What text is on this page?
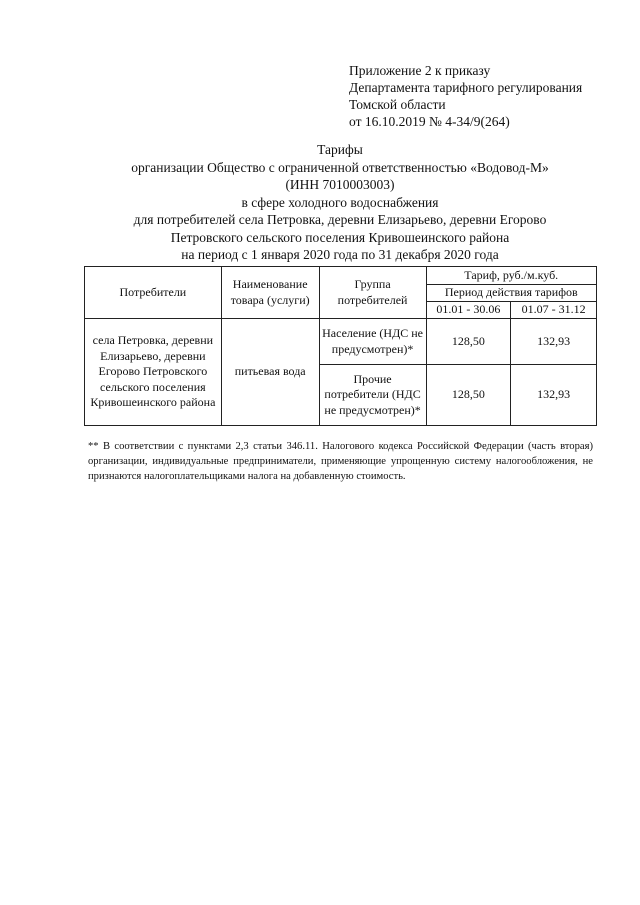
Приложение 2 к приказу
Департамента тарифного регулирования
Томской области
от 16.10.2019 № 4-34/9(264)
Тарифы
организации Общество с ограниченной ответственностью «Водовод-М»
(ИНН 7010003003)
в сфере холодного водоснабжения
для потребителей села Петровка, деревни Елизарьево, деревни Егорово
Петровского сельского поселения Кривошеинского района
на период с 1 января 2020 года по 31 декабря 2020 года
Потребители	Наименование товара (услуги)	Группа потребителей	Тариф, руб./м.куб.	
			Период действия тарифов	
			01.01 - 30.06	01.07 - 31.12
села Петровка, деревни Елизарьево, деревни Егорово Петровского сельского поселения Кривошеинского района	питьевая вода	Население (НДС не предусмотрен)*	128,50	132,93
		Прочие потребители (НДС не предусмотрен)*	128,50	132,93
** В соответствии с пунктами 2,3 статьи 346.11. Налогового кодекса Российской Федерации (часть вторая) организации, индивидуальные предприниматели, применяющие упрощенную систему налогообложения, не признаются налогоплательщиками налога на добавленную стоимость.
